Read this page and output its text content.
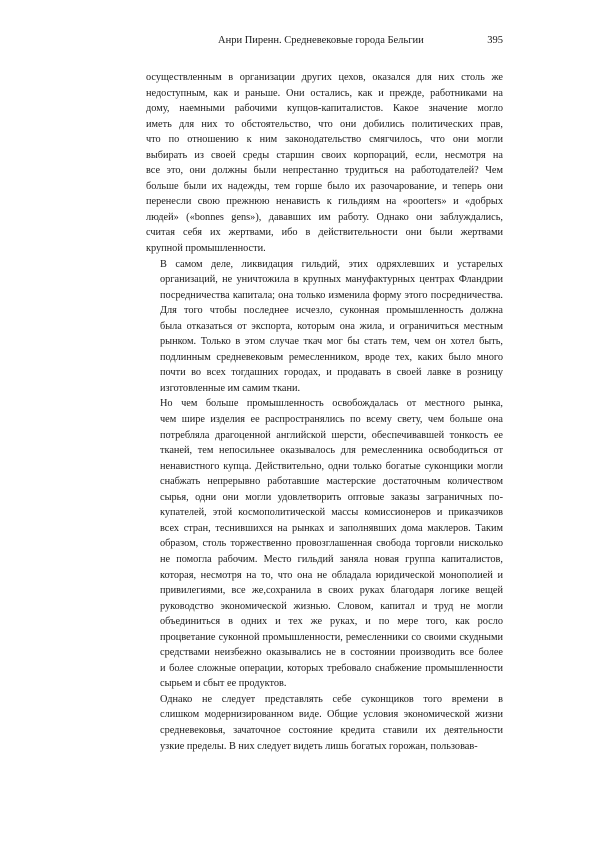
Анри Пиренн. Средневековые города Бельгии	395

осуществленным в организации других цехов, оказался для них столь же
недоступным, как и раньше. Они остались, как и прежде, работниками на
дому, наемными рабочими купцов-капиталистов. Какое значение могло
иметь для них то обстоятельство, что они добились политических прав,
что по отношению к ним законодательство смягчилось, что они могли
выбирать из своей среды старшин своих корпораций, если, несмотря на
все это, они должны были непрестанно трудиться на работодателей? Чем
больше были их надежды, тем горше было их разочарование, и теперь они
перенесли свою прежнюю ненависть к гильдиям на «poorters» и «добрых
людей» («bonnes gens»), дававших им работу. Однако они заблуждались,
считая себя их жертвами, ибо в действительности они были жертвами
крупной промышленности.

В самом деле, ликвидация гильдий, этих одряхлевших и устарелых
организаций, не уничтожила в крупных мануфактурных центрах Фландрии
посредничества капитала; она только изменила форму этого посредничества.
Для того чтобы последнее исчезло, суконная промышленность должна
была отказаться от экспорта, которым она жила, и ограничиться местным
рынком. Только в этом случае ткач мог бы стать тем, чем он хотел быть,
подлинным средневековым ремесленником, вроде тех, каких было много
почти во всех тогдашних городах, и продавать в своей лавке в розницу
изготовленные им самим ткани.

Но чем больше промышленность освобождалась от местного рынка,
чем шире изделия ее распространялись по всему свету, чем больше она
потребляла драгоценной английской шерсти, обеспечивавшей тонкость ее
тканей, тем непосильнее оказывалось для ремесленника освободиться от
ненавистного купца. Действительно, одни только богатые суконщики могли
снабжать непрерывно работавшие мастерские достаточным количеством
сырья, одни они могли удовлетворить оптовые заказы заграничных по-
купателей, этой космополитической массы комиссионеров и приказчиков
всех стран, теснившихся на рынках и заполнявших дома маклеров. Таким
образом, столь торжественно провозглашенная свобода торговли нисколько
не помогла рабочим. Место гильдий заняла новая группа капиталистов,
которая, несмотря на то, что она не обладала юридической монополией и
привилегиями, все же,сохранила в своих руках благодаря логике вещей
руководство экономической жизнью. Словом, капитал и труд не могли
объединиться в одних и тех же руках, и по мере того, как росло
процветание суконной промышленности, ремесленники со своими скудными
средствами неизбежно оказывались не в состоянии производить все более
и более сложные операции, которых требовало снабжение промышленности
сырьем и сбыт ее продуктов.

Однако не следует представлять себе суконщиков того времени в
слишком модернизированном виде. Общие условия экономической жизни
средневековья, зачаточное состояние кредита ставили их деятельности
узкие пределы. В них следует видеть лишь богатых горожан, пользовав-
